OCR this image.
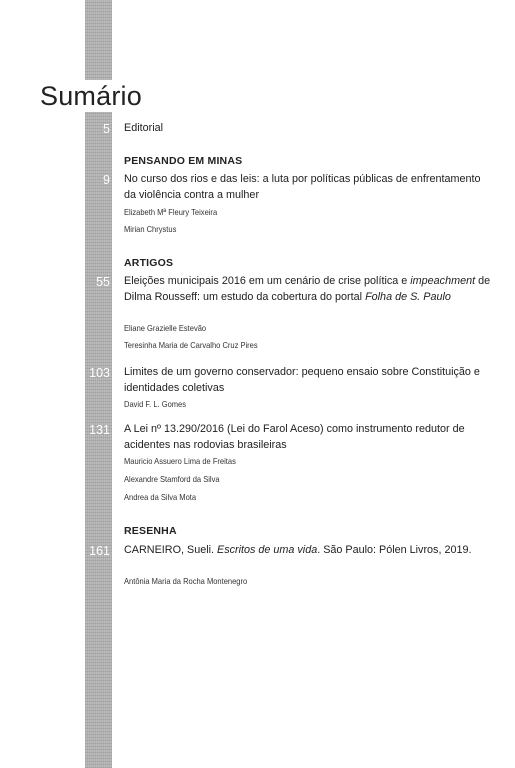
Sumário
5 Editorial
PENSANDO EM MINAS
9 No curso dos rios e das leis: a luta por políticas públicas de enfrentamento da violência contra a mulher
Elizabeth Mª Fleury Teixeira
Mirian Chrystus
ARTIGOS
55 Eleições municipais 2016 em um cenário de crise política e impeachment de Dilma Rousseff: um estudo da cobertura do portal Folha de S. Paulo
Eliane Grazielle Estevão
Teresinha Maria de Carvalho Cruz Pires
103 Limites de um governo conservador: pequeno ensaio sobre Constituição e identidades coletivas
David F. L. Gomes
131 A Lei nº 13.290/2016 (Lei do Farol Aceso) como instrumento redutor de acidentes nas rodovias brasileiras
Mauricio Assuero Lima de Freitas
Alexandre Stamford da Silva
Andrea da Silva Mota
RESENHA
161 CARNEIRO, Sueli. Escritos de uma vida. São Paulo: Pólen Livros, 2019.
Antônia Maria da Rocha Montenegro
